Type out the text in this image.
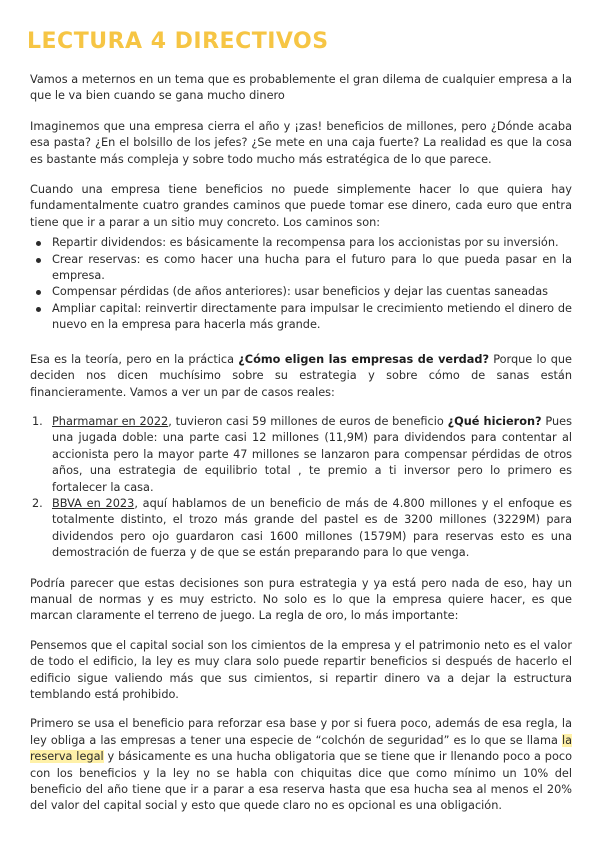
LECTURA 4 DIRECTIVOS

Vamos a meternos en un tema que es probablemente el gran dilema de cualquier empresa a la que le va bien cuando se gana mucho dinero

Imaginemos que una empresa cierra el año y ¡zas! beneficios de millones, pero ¿Dónde acaba esa pasta? ¿En el bolsillo de los jefes? ¿Se mete en una caja fuerte? La realidad es que la cosa es bastante más compleja y sobre todo mucho más estratégica de lo que parece.

Cuando una empresa tiene beneficios no puede simplemente hacer lo que quiera hay fundamentalmente cuatro grandes caminos que puede tomar ese dinero, cada euro que entra tiene que ir a parar a un sitio muy concreto. Los caminos son:

Repartir dividendos: es básicamente la recompensa para los accionistas por su inversión.
Crear reservas: es como hacer una hucha para el futuro para lo que pueda pasar en la empresa.
Compensar pérdidas (de años anteriores): usar beneficios y dejar las cuentas saneadas
Ampliar capital: reinvertir directamente para impulsar le crecimiento metiendo el dinero de nuevo en la empresa para hacerla más grande.

Esa es la teoría, pero en la práctica ¿Cómo eligen las empresas de verdad? Porque lo que deciden nos dicen muchísimo sobre su estrategia y sobre cómo de sanas están financieramente. Vamos a ver un par de casos reales:

1. Pharmamar en 2022, tuvieron casi 59 millones de euros de beneficio ¿Qué hicieron? Pues una jugada doble: una parte casi 12 millones (11,9M) para dividendos para contentar al accionista pero la mayor parte 47 millones se lanzaron para compensar pérdidas de otros años, una estrategia de equilibrio total , te premio a ti inversor pero lo primero es fortalecer la casa.
2. BBVA en 2023, aquí hablamos de un beneficio de más de 4.800 millones y el enfoque es totalmente distinto, el trozo más grande del pastel es de 3200 millones (3229M) para dividendos pero ojo guardaron casi 1600 millones (1579M) para reservas esto es una demostración de fuerza y de que se están preparando para lo que venga.

Podría parecer que estas decisiones son pura estrategia y ya está pero nada de eso, hay un manual de normas y es muy estricto. No solo es lo que la empresa quiere hacer, es que marcan claramente el terreno de juego. La regla de oro, lo más importante:

Pensemos que el capital social son los cimientos de la empresa y el patrimonio neto es el valor de todo el edificio, la ley es muy clara solo puede repartir beneficios si después de hacerlo el edificio sigue valiendo más que sus cimientos, si repartir dinero va a dejar la estructura temblando está prohibido.

Primero se usa el beneficio para reforzar esa base y por si fuera poco, además de esa regla, la ley obliga a las empresas a tener una especie de “colchón de seguridad” es lo que se llama la reserva legal y básicamente es una hucha obligatoria que se tiene que ir llenando poco a poco con los beneficios y la ley no se habla con chiquitas dice que como mínimo un 10% del beneficio del año tiene que ir a parar a esa reserva hasta que esa hucha sea al menos el 20% del valor del capital social y esto que quede claro no es opcional es una obligación.
